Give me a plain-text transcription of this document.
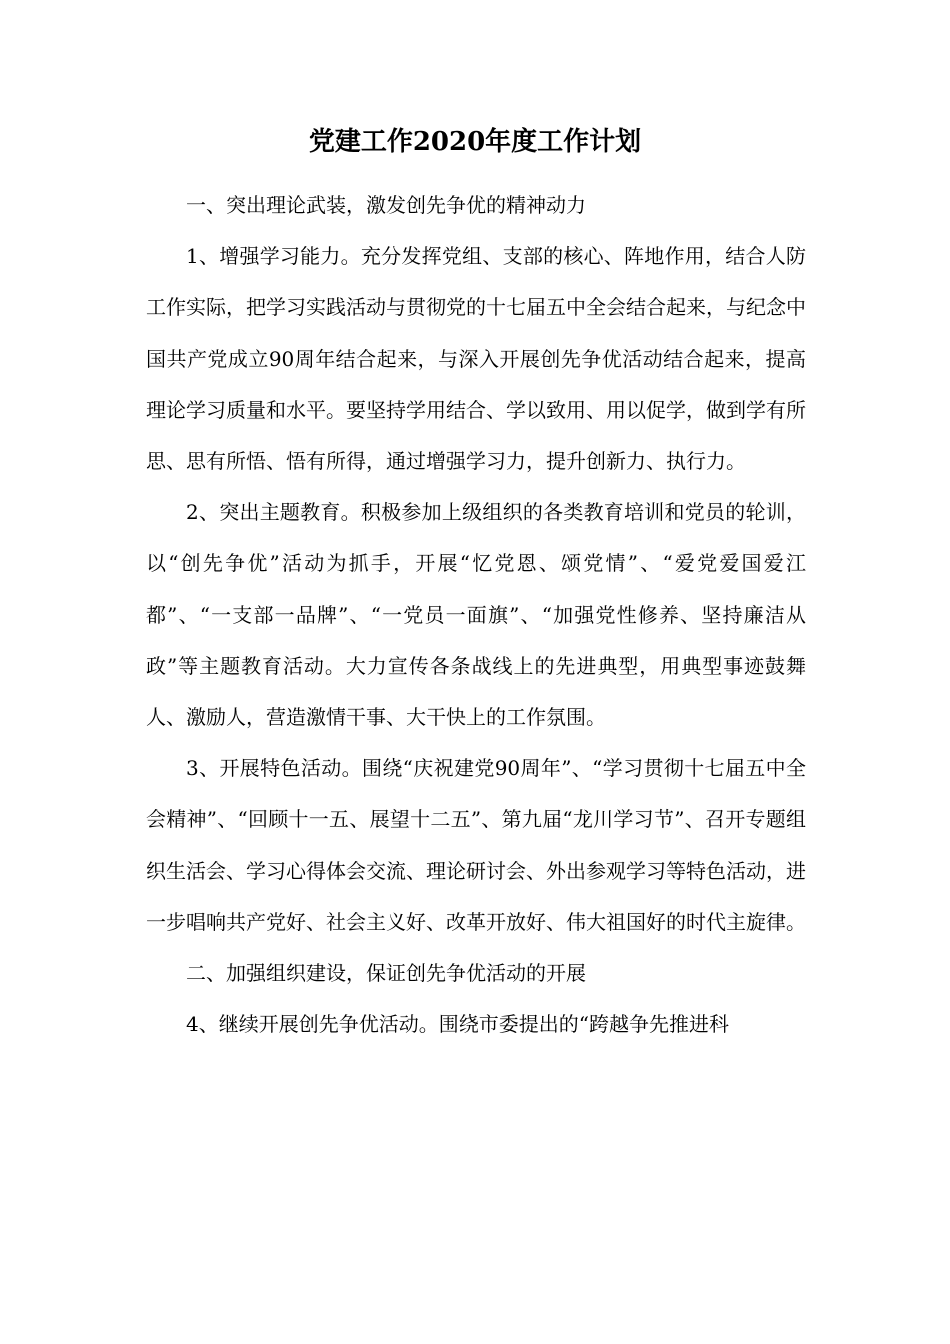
党建工作2020年度工作计划

一、突出理论武装，激发创先争优的精神动力

1、增强学习能力。充分发挥党组、支部的核心、阵地作用，结合人防工作实际，把学习实践活动与贯彻党的十七届五中全会结合起来，与纪念中国共产党成立90周年结合起来，与深入开展创先争优活动结合起来，提高理论学习质量和水平。要坚持学用结合、学以致用、用以促学，做到学有所思、思有所悟、悟有所得，通过增强学习力，提升创新力、执行力。

2、突出主题教育。积极参加上级组织的各类教育培训和党员的轮训，以“创先争优”活动为抓手，开展“忆党恩、颂党情”、“爱党爱国爱江都”、“一支部一品牌”、“一党员一面旗”、“加强党性修养、坚持廉洁从政”等主题教育活动。大力宣传各条战线上的先进典型，用典型事迹鼓舞人、激励人，营造激情干事、大干快上的工作氛围。

3、开展特色活动。围绕“庆祝建党90周年”、“学习贯彻十七届五中全会精神”、“回顾十一五、展望十二五”、第九届“龙川学习节”、召开专题组织生活会、学习心得体会交流、理论研讨会、外出参观学习等特色活动，进一步唱响共产党好、社会主义好、改革开放好、伟大祖国好的时代主旋律。

二、加强组织建设，保证创先争优活动的开展

4、继续开展创先争优活动。围绕市委提出的“跨越争先推进科
